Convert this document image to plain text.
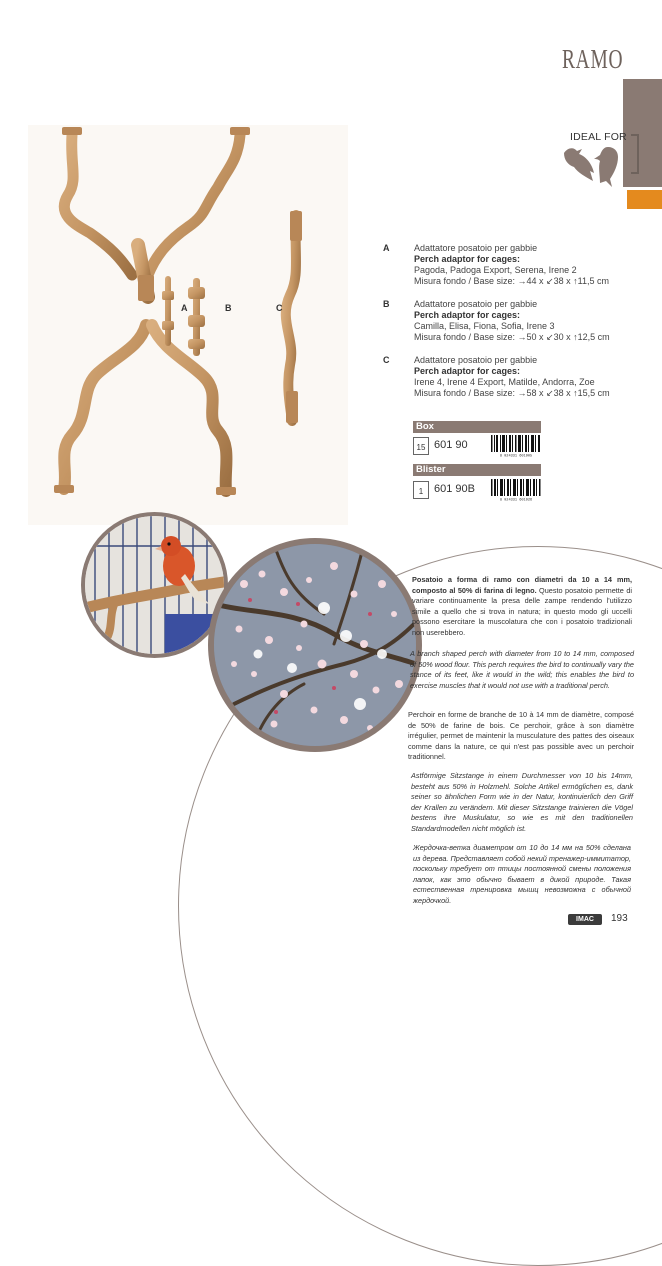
RAMO
IDEAL FOR
A	B	C
A	Adattatore posatoio per gabbie
Perch adaptor for cages:
Pagoda, Padoga Export, Serena, Irene 2
Misura fondo / Base size: →44 x ↙38 x ↑11,5 cm
B	Adattatore posatoio per gabbie
Perch adaptor for cages:
Camilla, Elisa, Fiona, Sofia, Irene 3
Misura fondo / Base size: →50 x ↙30 x ↑12,5 cm
C	Adattatore posatoio per gabbie
Perch adaptor for cages:
Irene 4, Irene 4 Export, Matilde, Andorra, Zoe
Misura fondo / Base size: →58 x ↙38 x ↑15,5 cm
Box
15 601 90
8 024331 601905
Blister
1 601 90B
8 024331 601926
Posatoio a forma di ramo con diametri da 10 a 14 mm, composto al 50% di farina di legno. Questo posatoio permette di variare continuamente la presa delle zampe rendendo l'utilizzo simile a quello che si trova in natura; in questo modo gli uccelli possono esercitare la muscolatura che con i posatoio tradizionali non userebbero.
A branch shaped perch with diameter from 10 to 14 mm, composed of 50% wood flour. This perch requires the bird to continually vary the stance of its feet, like it would in the wild; this enables the bird to exercise muscles that it would not use with a traditional perch.
Perchoir en forme de branche de 10 à 14 mm de diamètre, composé de 50% de farine de bois. Ce perchoir, grâce à son diamètre irrégulier, permet de maintenir la musculature des pattes des oiseaux comme dans la nature, ce qui n'est pas possible avec un perchoir traditionnel.
Astförmige Sitzstange in einem Durchmesser von 10 bis 14mm, besteht aus 50% in Holzmehl. Solche Artikel ermöglichen es, dank seiner so ähnlichen Form wie in der Natur, kontinuierlich den Griff der Krallen zu verändern. Mit dieser Sitzstange trainieren die Vögel bestens ihre Muskulatur, so wie es mit den traditionellen Standardmodellen nicht möglich ist.
Жердочка-ветка диаметром от 10 до 14 мм на 50% сделана из дерева. Представляет собой некий тренажер-иммитатор, поскольку требует от птицы постоянной смены положения лапок, как это обычно бывает в дикой природе. Такая естественная тренировка мышц невозможна с обычной жердочкой.
IMAC	193
